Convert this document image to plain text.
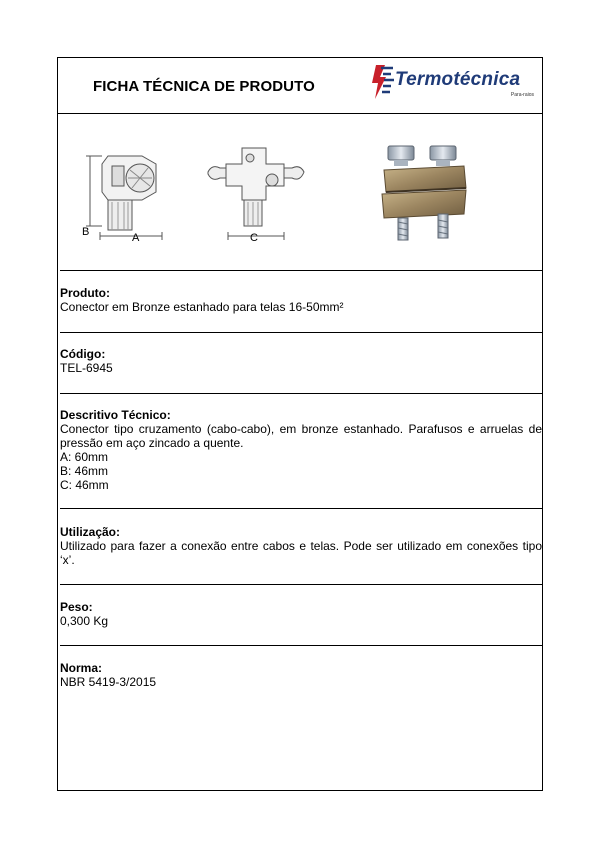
FICHA TÉCNICA DE PRODUTO	Termotécnica
Para-raios
B	A	C
Produto:
Conector em Bronze estanhado para telas 16-50mm²
Código:
TEL-6945
Descritivo Técnico:
Conector tipo cruzamento (cabo-cabo), em bronze estanhado. Parafusos e arruelas de pressão em aço zincado a quente.
A: 60mm
B: 46mm
C: 46mm
Utilização:
Utilizado para fazer a conexão entre cabos e telas. Pode ser utilizado em conexões tipo ‘x’.
Peso:
0,300 Kg
Norma:
NBR 5419-3/2015
